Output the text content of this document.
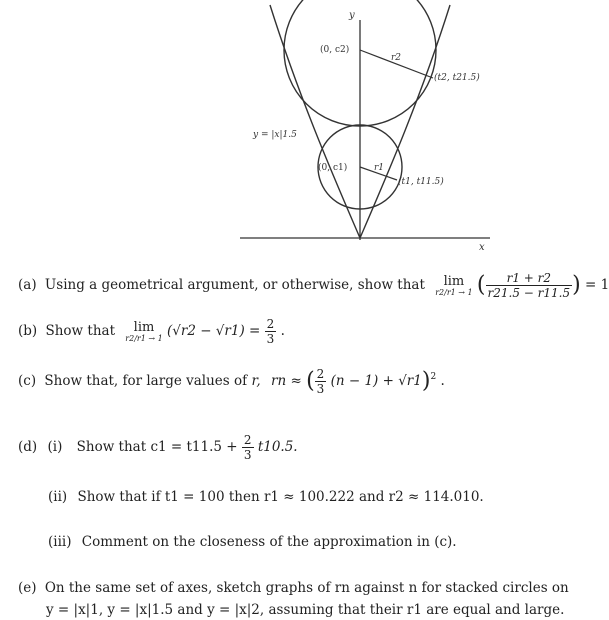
y
x
y = |x|1.5
(0, c2)
(0, c1)
r2
r1
(t2, t21.5)
(t1, t11.5)
(a) Using a geometrical argument, or otherwise, show that lim
r2/r1 → 1 ( $\frac{r1 + r2}{r21.5 - r11.5}$ ) = 1
(b) Show that lim
r2/r1 → 1 $(√r2 - √r1) = \frac{2}{3}$ .
(c) Show that, for large values of r, rn ≈ ( $\frac{2}{3} (n - 1) + √r1)^2$ .
(d) (i) Show that $c1 = t11.5 + \frac{2}{3} t10.5$.
(ii) Show that if t1 = 100 then r1 ≈ 100.222 and r2 ≈ 114.010.
(iii) Comment on the closeness of the approximation in (c).
(e) On the same set of axes, sketch graphs of rn against n for stacked circles on
y = |x|1, y = |x|1.5 and y = |x|2, assuming that their r1 are equal and large.
